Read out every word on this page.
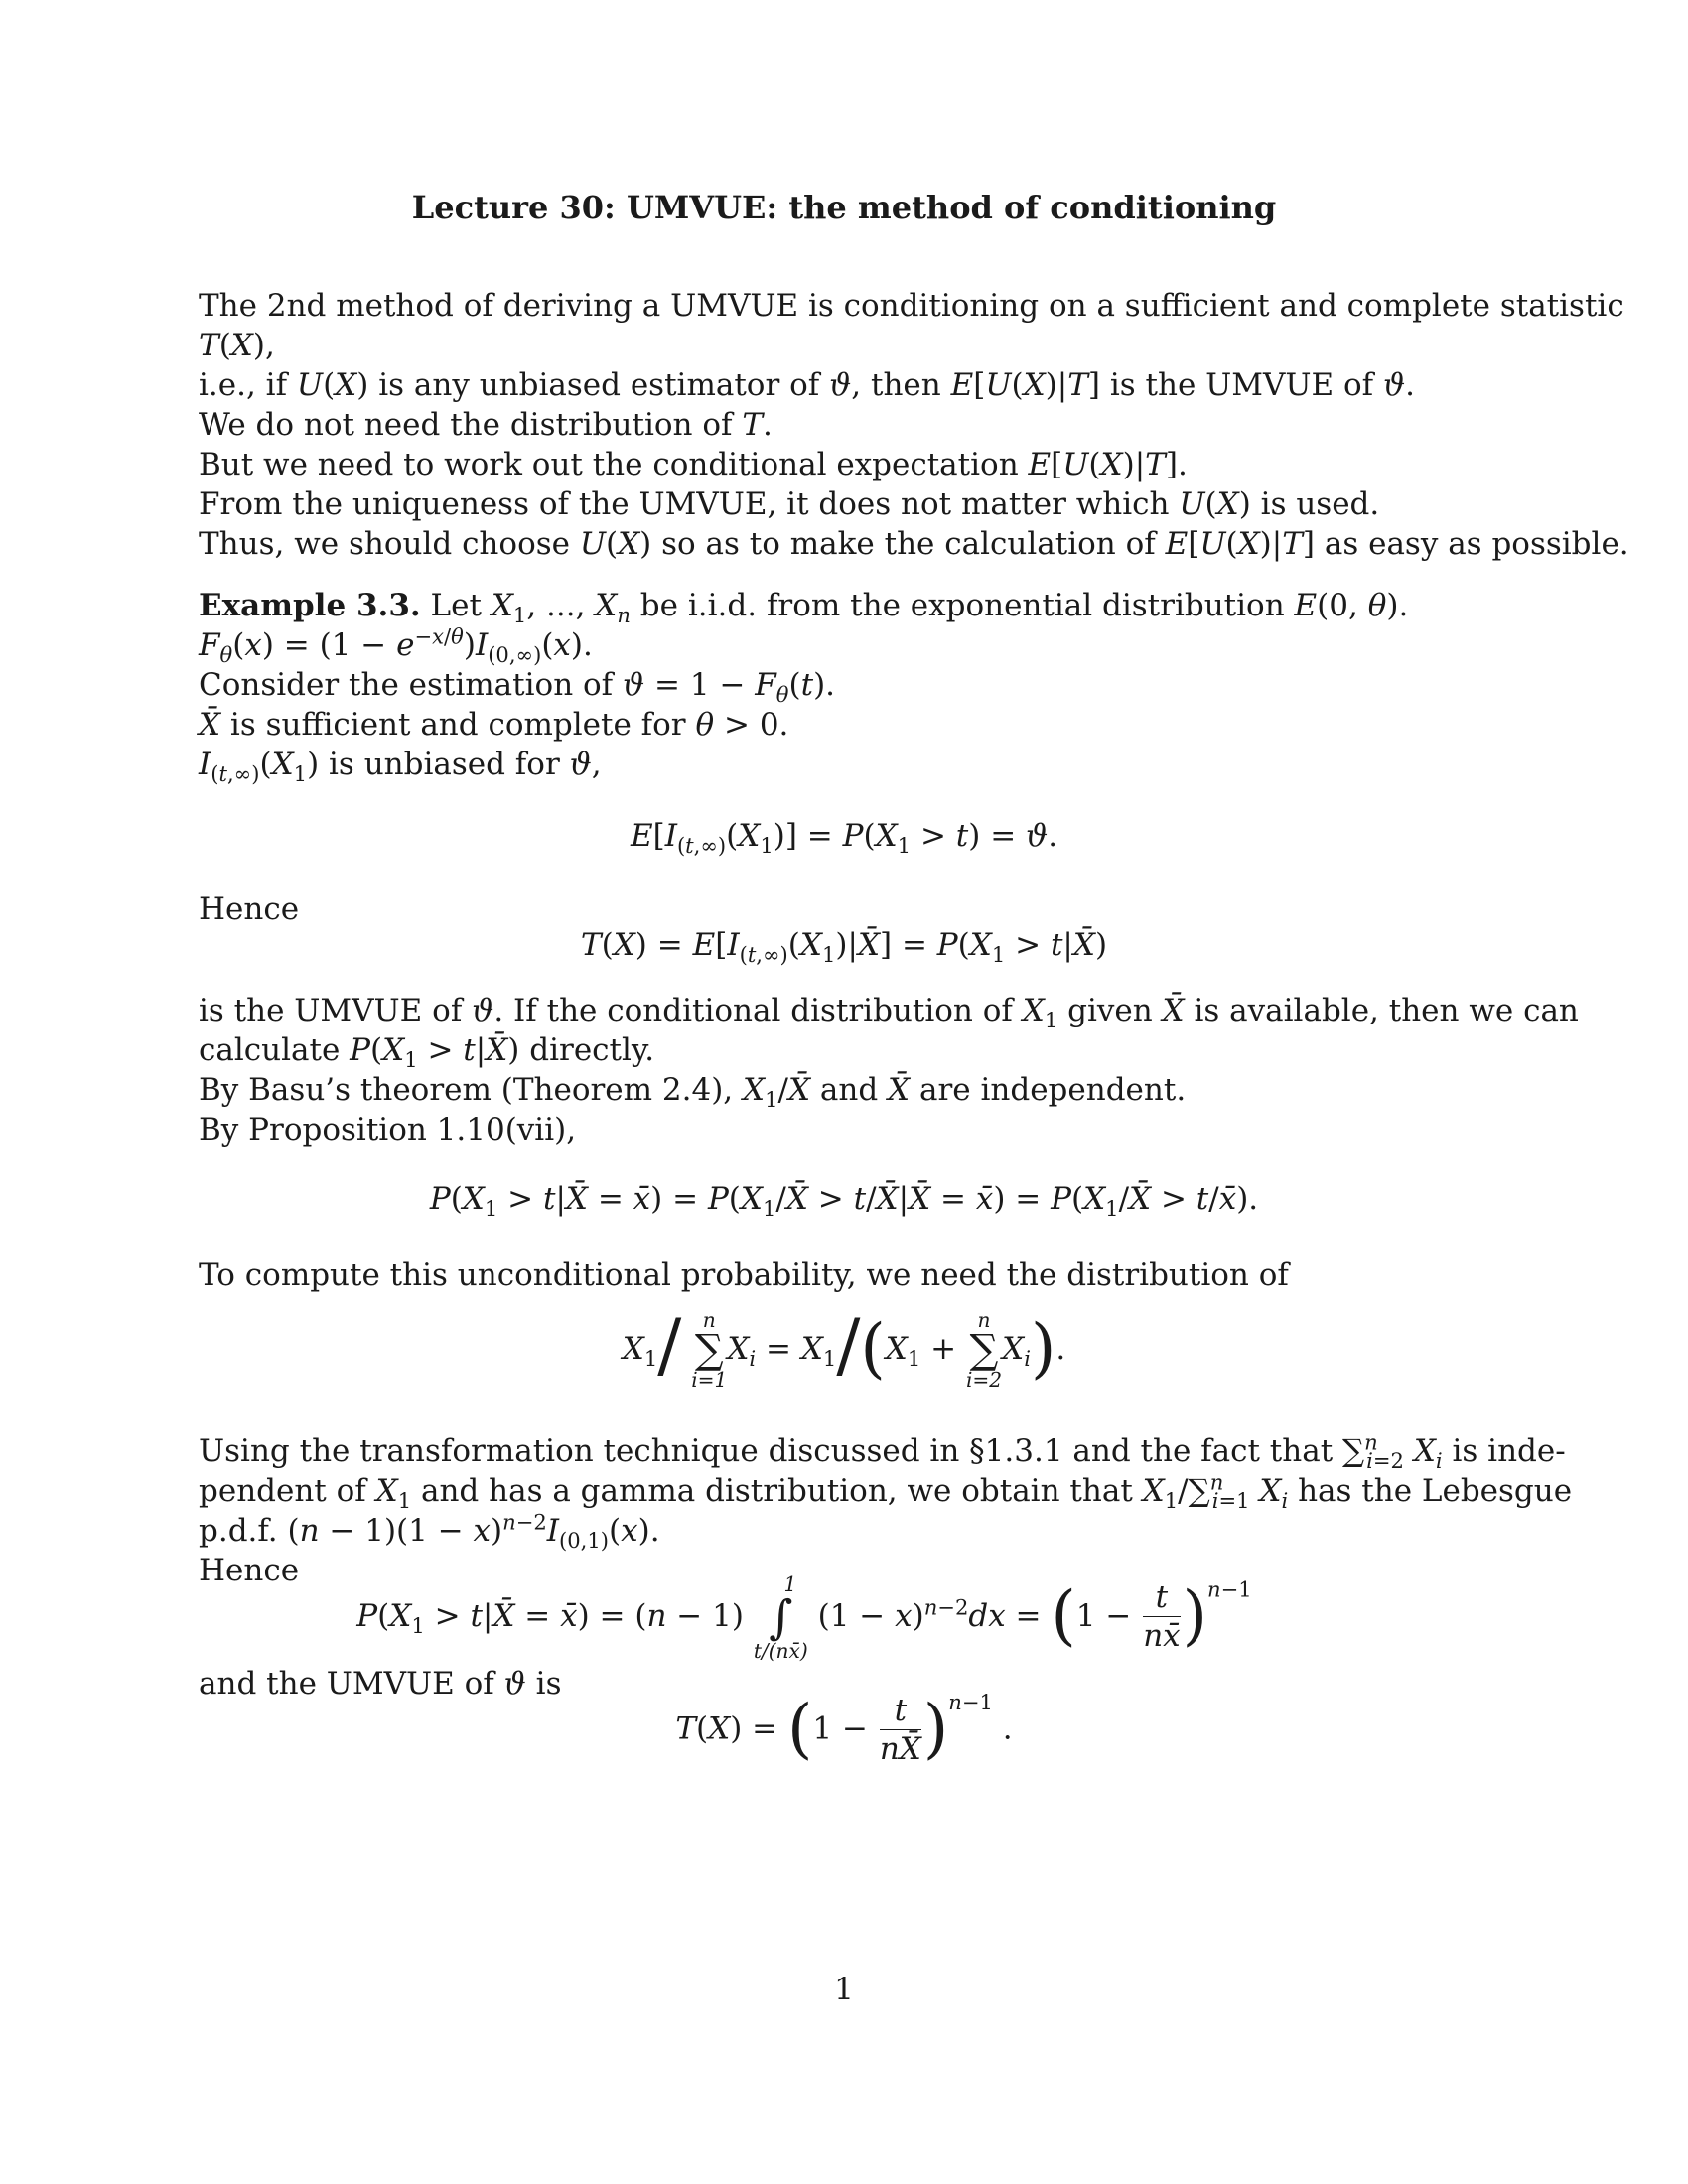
Lecture 30: UMVUE: the method of conditioning
The 2nd method of deriving a UMVUE is conditioning on a sufficient and complete statistic
T(X),
i.e., if U(X) is any unbiased estimator of ϑ, then E[U(X)|T] is the UMVUE of ϑ.
We do not need the distribution of T.
But we need to work out the conditional expectation E[U(X)|T].
From the uniqueness of the UMVUE, it does not matter which U(X) is used.
Thus, we should choose U(X) so as to make the calculation of E[U(X)|T] as easy as possible.
Example 3.3. Let $X_1$, ..., $X_n$ be i.i.d. from the exponential distribution E(0, θ).
$F_\theta(x) = (1 - e^{-x/\theta})I_{(0,\infty)}(x)$.
Consider the estimation of $ϑ = 1 - F_\theta(t)$.
X̄ is sufficient and complete for θ > 0.
$I_{(t,\infty)}(X_1)$ is unbiased for ϑ,
$E[I_{(t,\infty)}(X_1)] = P(X_1 > t) = ϑ$.
Hence
$T(X) = E[I_{(t,\infty)}(X_1)|X̄] = P(X_1$ > t|X̄)
is the UMVUE of ϑ. If the conditional distribution of $X_1$ given X̄ is available, then we can
calculate $P(X_1$ > t|X̄) directly.
By Basu’s theorem (Theorem 2.4), $X_1/X̄$ and X̄ are independent.
By Proposition 1.10(vii),
$P(X_1$ > t|X̄ = x̄) = $P(X_1/X̄$ > t/X̄|X̄ = x̄) = $P(X_1/X̄$ > t/x̄).
To compute this unconditional probability, we need the distribution of
$X_1/$	n
∑
i=1
$X_i = X_1/(X_1$ +
n
∑
i=2
$X_i$).
Using the transformation technique discussed in §1.3.1 and the fact that ∑$^n_{i=2}$ $X_i$ is inde-
pendent of $X_1$ and has a gamma distribution, we obtain that $X_1/\sum^n_{i=1}$ $X_i$ has the Lebesgue
p.d.f. $(n - 1)(1 - x)^{n-2}I_{(0,1)}(x)$.
Hence
$P(X_1$ > t|X̄ = x̄) = (n − 1)
1
∫
t/(nx̄)
$(1 - x)^{n-2}dx = (1 - \frac{t}{nx̄} )^{n-1}$
and the UMVUE of ϑ is
$T(X) = (1 - \frac{t}{nX̄} )^{n-1}$ .
1
